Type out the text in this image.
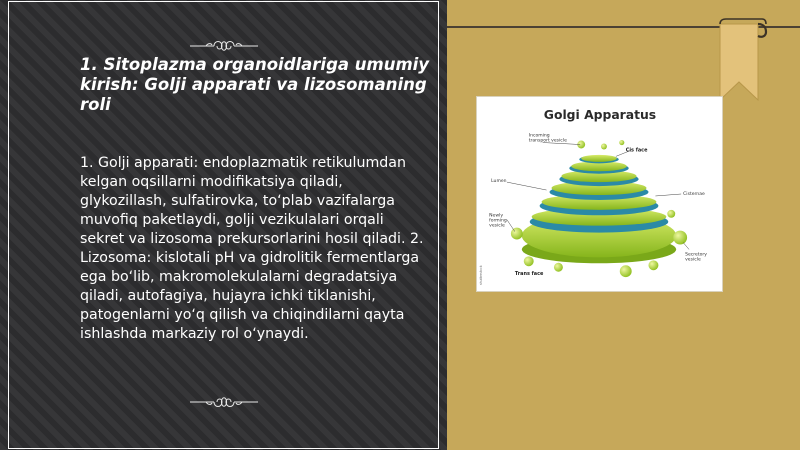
1. Sitoplazma organoidlariga umumiy kirish: Golji apparati va lizosomaning roli

1. Golji apparati: endoplazmatik retikulumdan kelgan oqsillarni modifikatsiya qiladi, glykozillash, sulfatirovka, to‘plab vazifalarga muvofiq paketlaydi, golji vezikulalari orqali sekret va lizosoma prekursorlarini hosil qiladi. 2. Lizosoma: kislotali pH va gidrolitik fermentlarga ega bo‘lib, makromolekulalarni degradatsiya qiladi, autofagiya, hujayra ichki tiklanishi, patogenlarni yo‘q qilish va chiqindilarni qayta ishlashda markaziy rol o‘ynaydi.

Golgi Apparatus
Incoming
transport vesicle
Cis face
Lumen
Cisternae
Newly
forming
vesicle
Secretory
vesicle
Trans face
shutterstock
